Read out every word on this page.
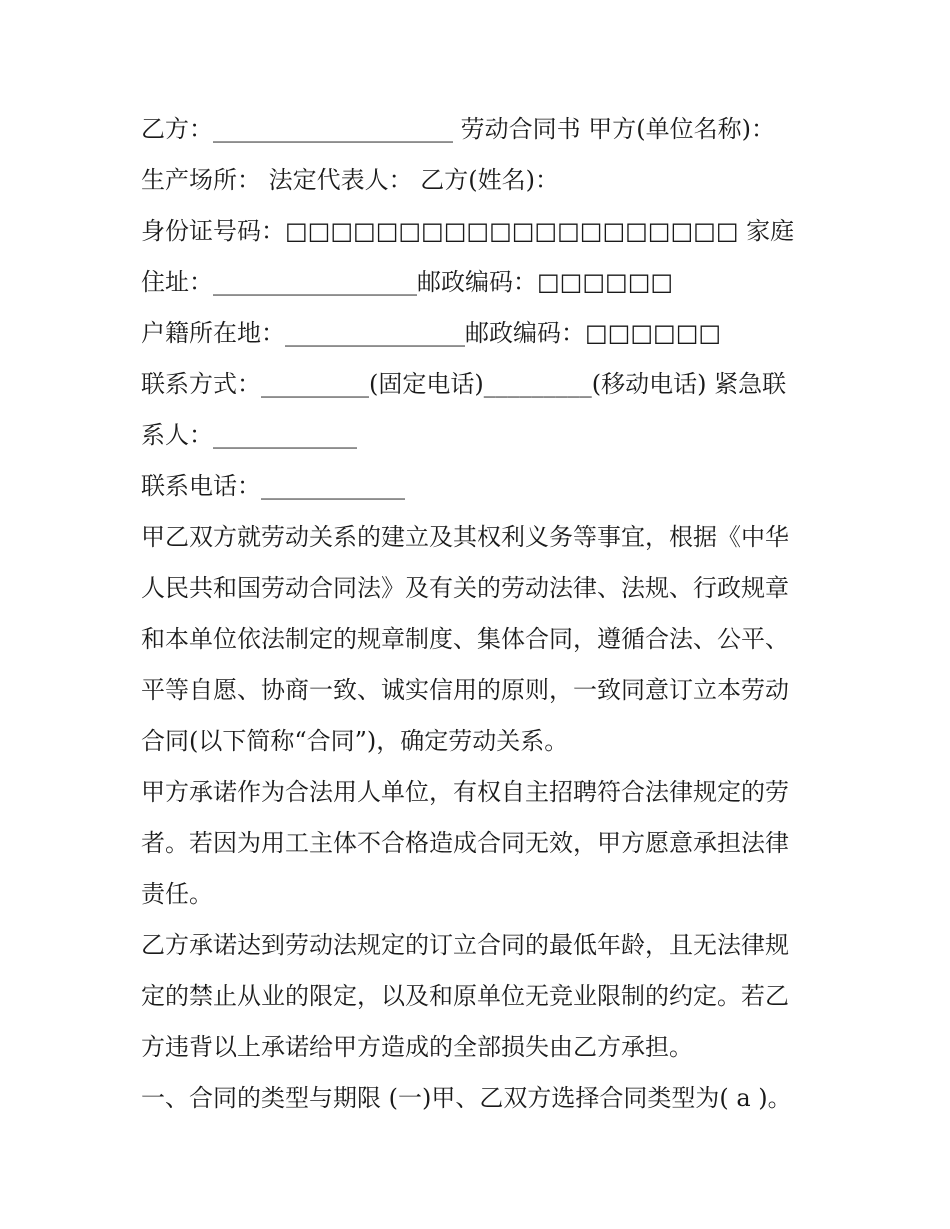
乙方：____________________ 劳动合同书 甲方(单位名称)：
生产场所： 法定代表人： 乙方(姓名)：
身份证号码：□□□□□□□□□□□□□□□□□□□□ 家庭
住址：_________________邮政编码：□□□□□□
户籍所在地：_______________邮政编码：□□□□□□
联系方式：_________(固定电话)_________(移动电话) 紧急联
系人：____________
联系电话：____________
甲乙双方就劳动关系的建立及其权利义务等事宜，根据《中华
人民共和国劳动合同法》及有关的劳动法律、法规、行政规章
和本单位依法制定的规章制度、集体合同，遵循合法、公平、
平等自愿、协商一致、诚实信用的原则，一致同意订立本劳动
合同(以下简称“合同”)，确定劳动关系。
甲方承诺作为合法用人单位，有权自主招聘符合法律规定的劳
者。若因为用工主体不合格造成合同无效，甲方愿意承担法律
责任。
乙方承诺达到劳动法规定的订立合同的最低年龄，且无法律规
定的禁止从业的限定，以及和原单位无竞业限制的约定。若乙
方违背以上承诺给甲方造成的全部损失由乙方承担。
一、合同的类型与期限 (一)甲、乙双方选择合同类型为( a )。
